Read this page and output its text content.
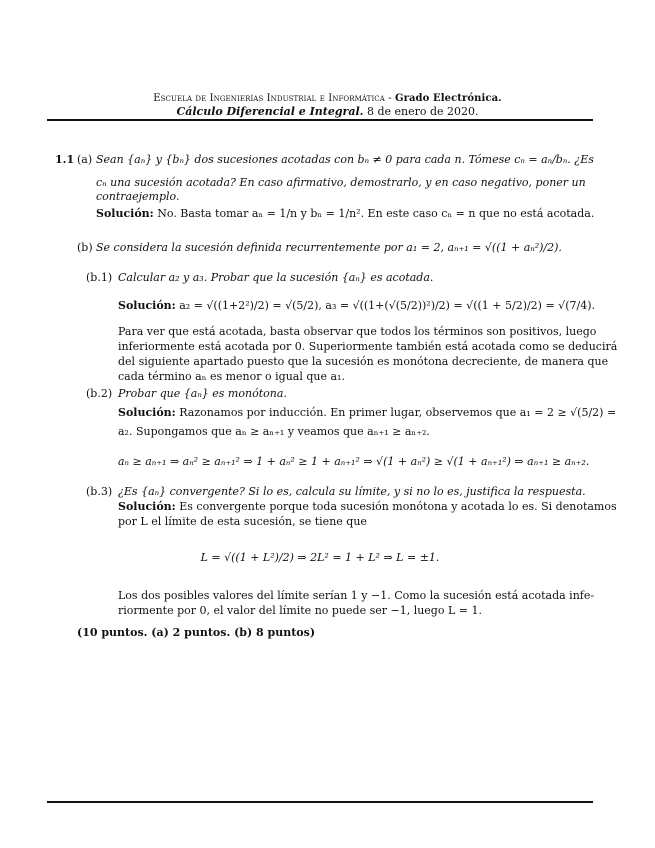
Escuela de Ingenierías Industrial e Informática - Grado Electrónica.
Cálculo Diferencial e Integral. 8 de enero de 2020.
1.1 (a) Sean {aₙ} y {bₙ} dos sucesiones acotadas con bₙ ≠ 0 para cada n. Tómese cₙ = aₙ/bₙ. ¿Es
cₙ una sucesión acotada? En caso afirmativo, demostrarlo, y en caso negativo, poner un
contraejemplo.
Solución: No. Basta tomar aₙ = 1/n y bₙ = 1/n². En este caso cₙ = n que no está acotada.
(b) Se considera la sucesión definida recurrentemente por a₁ = 2, aₙ₊₁ = √((1 + aₙ²)/2).
(b.1) Calcular a₂ y a₃. Probar que la sucesión {aₙ} es acotada.
Solución: a₂ = √((1+2²)/2) = √(5/2), a₃ = √((1+(√(5/2))²)/2) = √((1 + 5/2)/2) = √(7/4).
Para ver que está acotada, basta observar que todos los términos son positivos, luego
inferiormente está acotada por 0. Superiormente también está acotada como se deducirá
del siguiente apartado puesto que la sucesión es monótona decreciente, de manera que
cada término aₙ es menor o igual que a₁.
(b.2) Probar que {aₙ} es monótona.
Solución: Razonamos por inducción. En primer lugar, observemos que a₁ = 2 ≥ √(5/2) =
a₂. Supongamos que aₙ ≥ aₙ₊₁ y veamos que aₙ₊₁ ≥ aₙ₊₂.
aₙ ≥ aₙ₊₁ ⇒ aₙ² ≥ aₙ₊₁² ⇒ 1 + aₙ² ≥ 1 + aₙ₊₁² ⇒ √(1 + aₙ²) ≥ √(1 + aₙ₊₁²) ⇒ aₙ₊₁ ≥ aₙ₊₂.
(b.3) ¿Es {aₙ} convergente? Si lo es, calcula su límite, y si no lo es, justifica la respuesta.
Solución: Es convergente porque toda sucesión monótona y acotada lo es. Si denotamos
por L el límite de esta sucesión, se tiene que
L = √((1 + L²)/2) ⇒ 2L² = 1 + L² ⇒ L = ±1.
Los dos posibles valores del límite serían 1 y −1. Como la sucesión está acotada infe-
riormente por 0, el valor del límite no puede ser −1, luego L = 1.
(10 puntos. (a) 2 puntos. (b) 8 puntos)
